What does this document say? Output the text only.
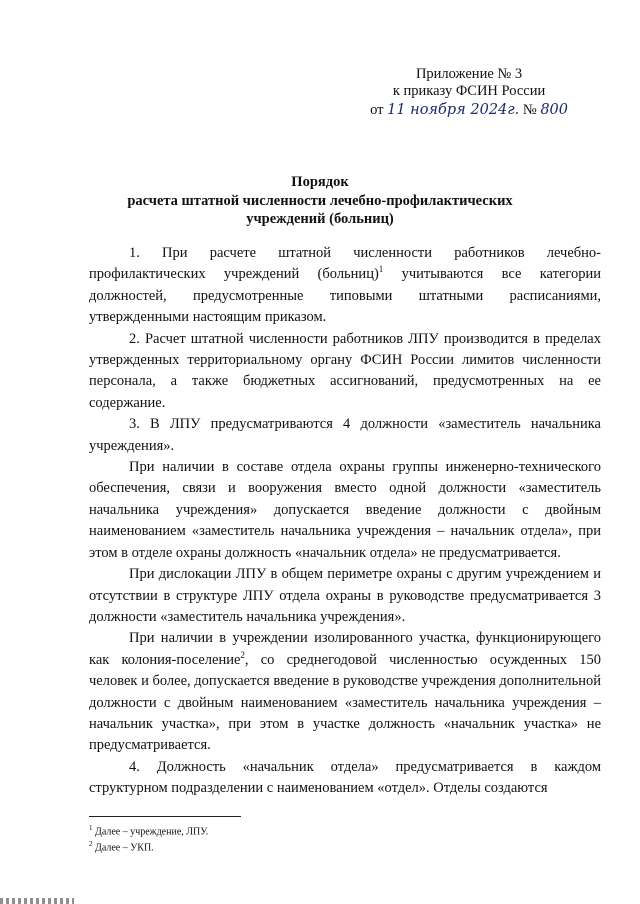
Приложение № 3
к приказу ФСИН России
от 11 ноября 2024г. № 800
Порядок
расчета штатной численности лечебно-профилактических
учреждений (больниц)

1. При расчете штатной численности работников лечебно-профилактических учреждений (больниц)$^1$ учитываются все категории должностей, предусмотренные типовыми штатными расписаниями, утвержденными настоящим приказом.

2. Расчет штатной численности работников ЛПУ производится в пределах утвержденных территориальному органу ФСИН России лимитов численности персонала, а также бюджетных ассигнований, предусмотренных на ее содержание.

3. В ЛПУ предусматриваются 4 должности «заместитель начальника учреждения».

При наличии в составе отдела охраны группы инженерно-технического обеспечения, связи и вооружения вместо одной должности «заместитель начальника учреждения» допускается введение должности с двойным наименованием «заместитель начальника учреждения – начальник отдела», при этом в отделе охраны должность «начальник отдела» не предусматривается.

При дислокации ЛПУ в общем периметре охраны с другим учреждением и отсутствии в структуре ЛПУ отдела охраны в руководстве предусматривается 3 должности «заместитель начальника учреждения».

При наличии в учреждении изолированного участка, функционирующего как колония-поселение$^2$, со среднегодовой численностью осужденных 150 человек и более, допускается введение в руководстве учреждения дополнительной должности с двойным наименованием «заместитель начальника учреждения – начальник участка», при этом в участке должность «начальник участка» не предусматривается.

4. Должность «начальник отдела» предусматривается в каждом структурном подразделении с наименованием «отдел». Отделы создаются

$^1$ Далее – учреждение, ЛПУ.
$^2$ Далее – УКП.
